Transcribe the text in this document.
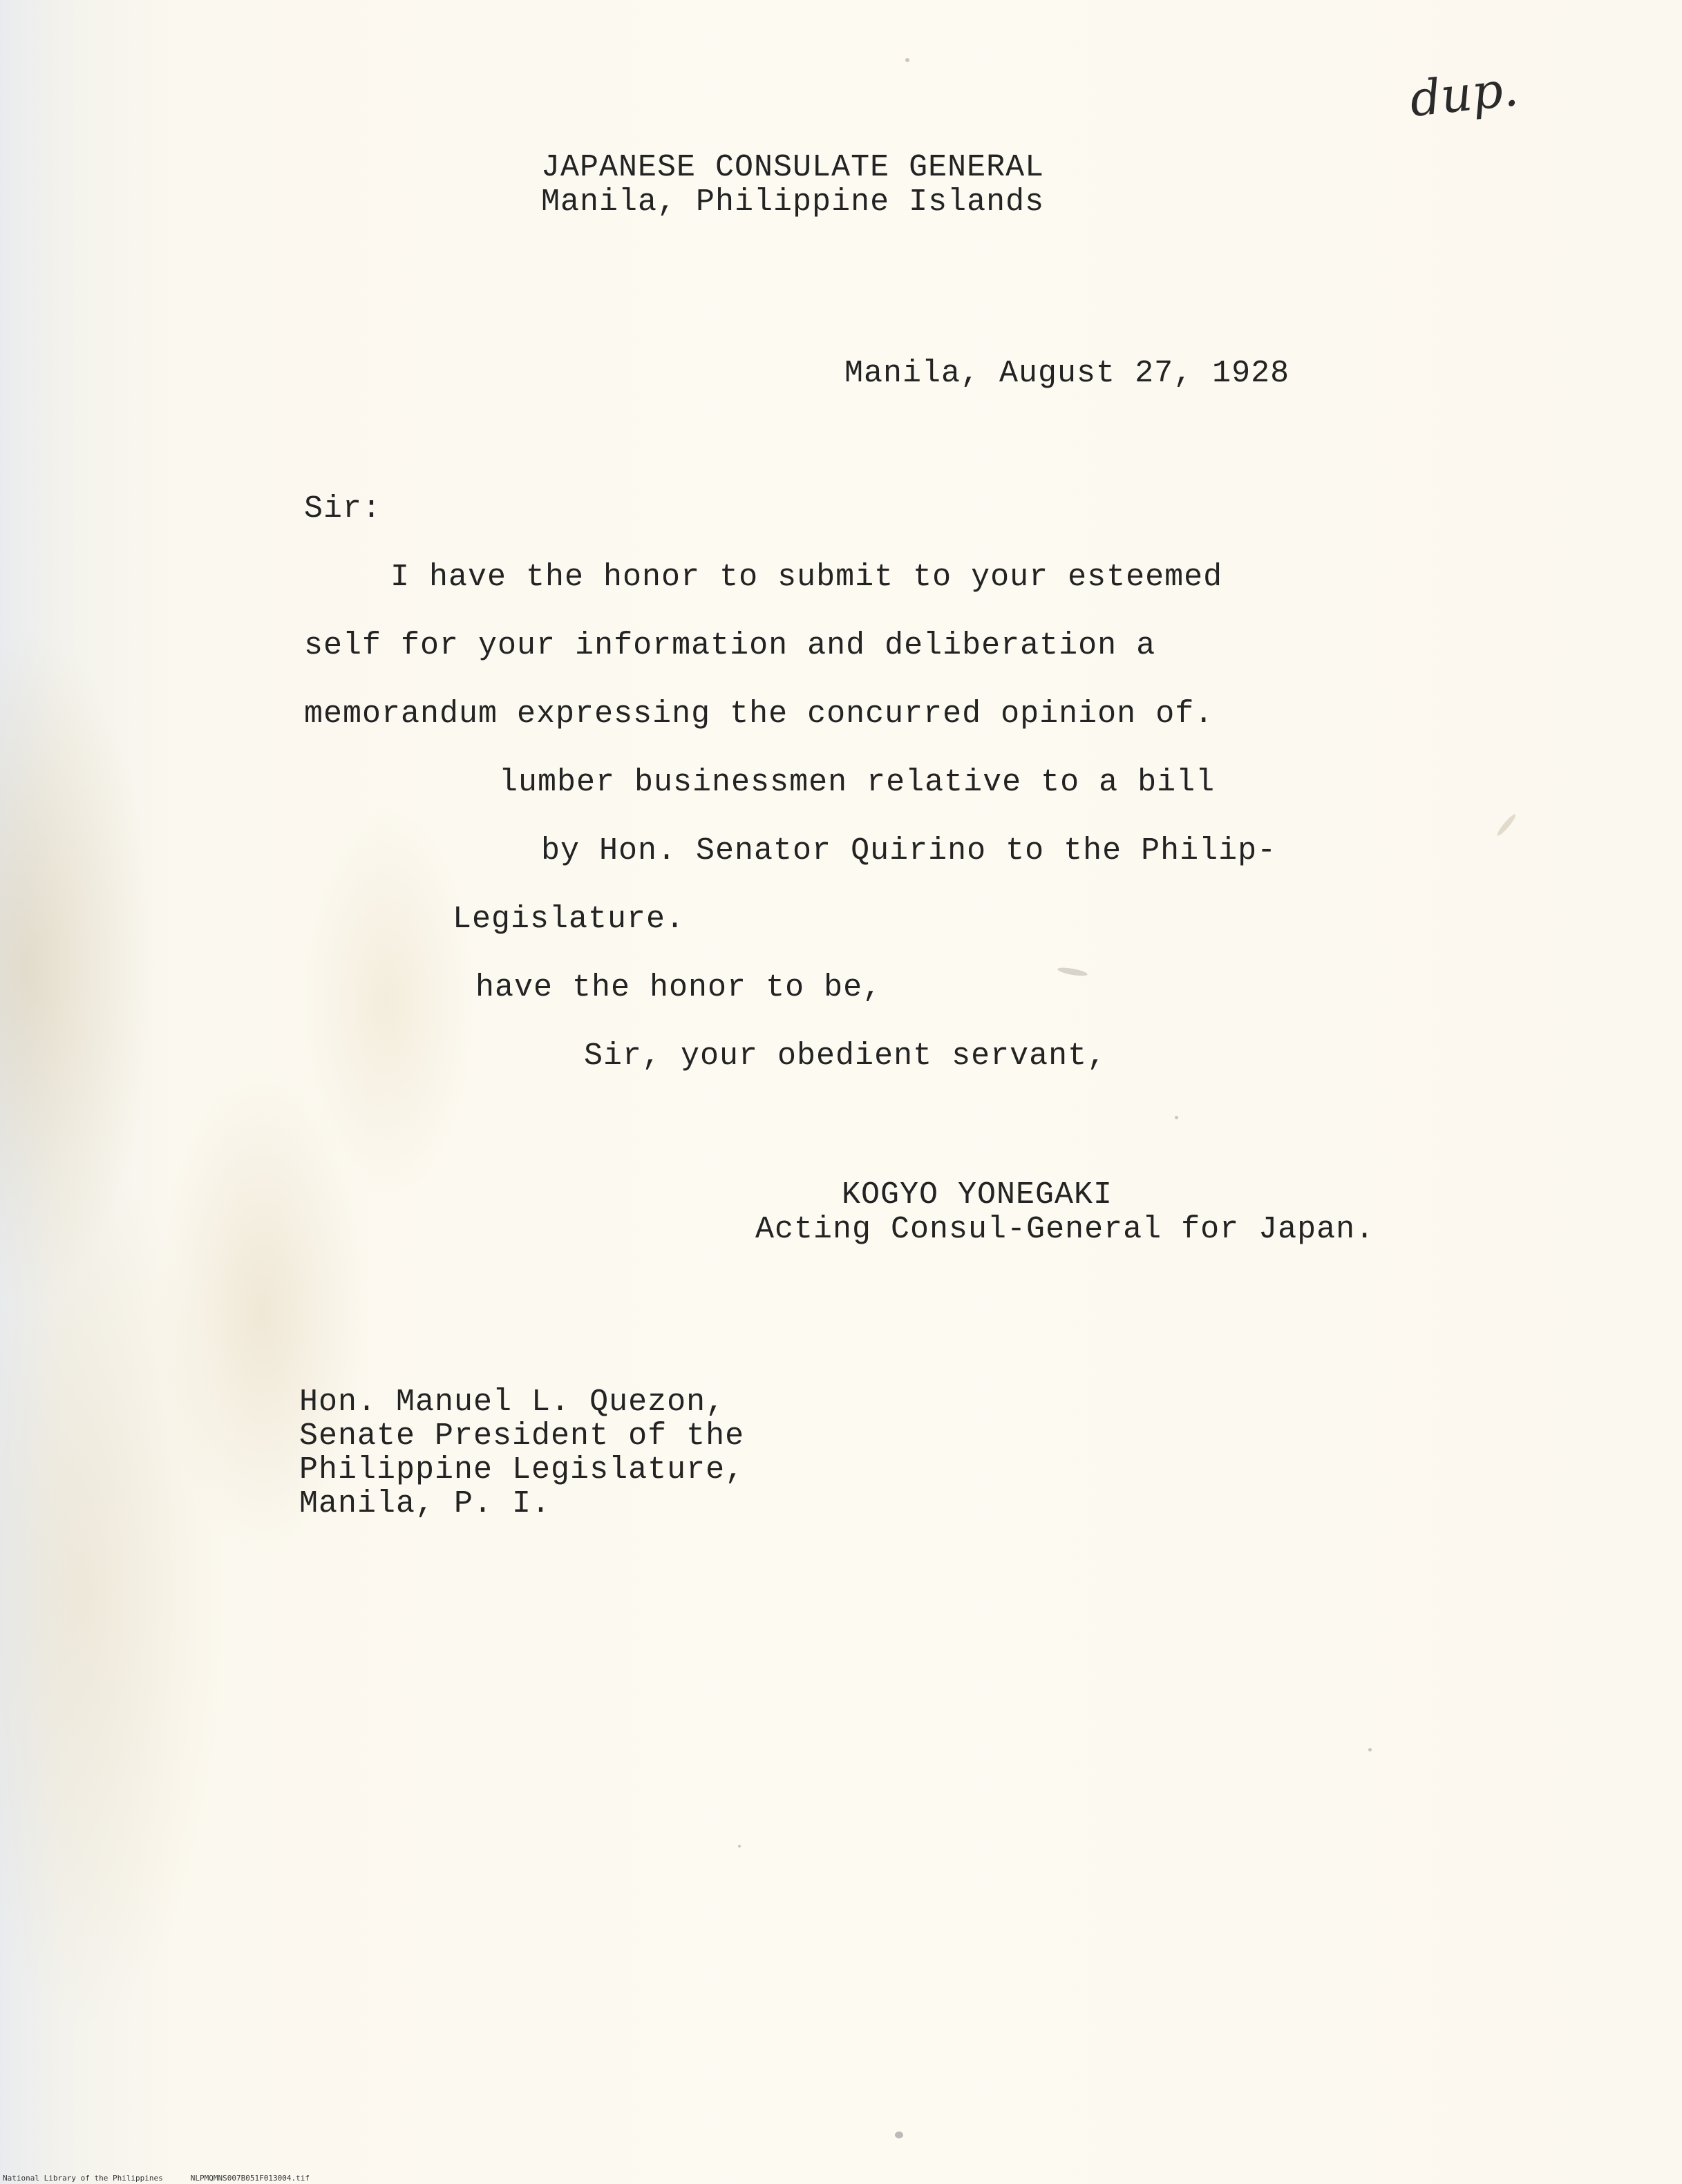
dup.
JAPANESE CONSULATE GENERAL
Manila, Philippine Islands
Manila, August 27, 1928
Sir:
I have the honor to submit to your esteemed
self for your information and deliberation a
memorandum expressing the concurred opinion of.
lumber businessmen relative to a bill
by Hon. Senator Quirino to the Philip-
Legislature.
have the honor to be,
Sir, your obedient servant,
KOGYO YONEGAKI
Acting Consul-General for Japan.
Hon. Manuel L. Quezon,
Senate President of the
Philippine Legislature,
Manila, P. I.
National Library of the Philippines	NLPMQMNS007B051F013004.tif
